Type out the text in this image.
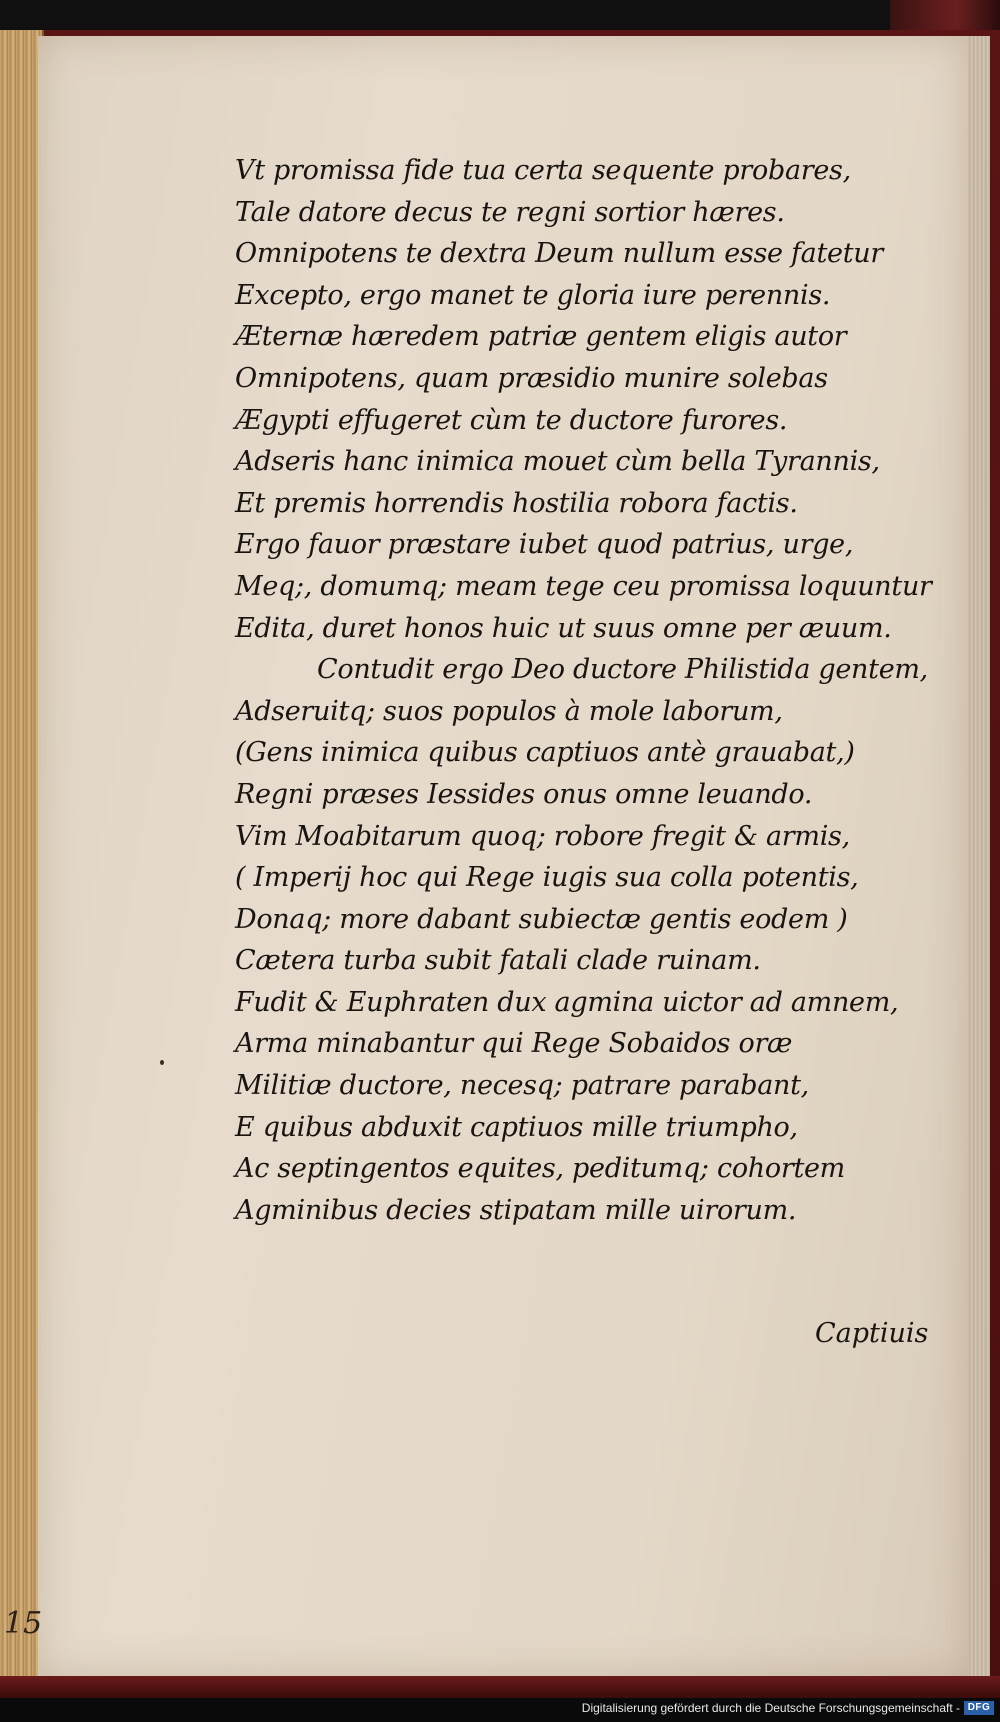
Vt promissa fide tua certa sequente probares,
Tale datore decus te regni sortior hæres.
Omnipotens te dextra Deum nullum esse fatetur
Excepto, ergo manet te gloria iure perennis.
Æternæ hæredem patriæ gentem eligis autor
Omnipotens, quam præsidio munire solebas
Ægypti effugeret cùm te ductore furores.
Adseris hanc inimica mouet cùm bella Tyrannis,
Et premis horrendis hostilia robora factis.
Ergo fauor præstare iubet quod patrius, urge,
Meq;, domumq; meam tege ceu promissa loquuntur
Edita, duret honos huic ut suus omne per æuum.
Contudit ergo Deo ductore Philistida gentem,
Adseruitq; suos populos à mole laborum,
(Gens inimica quibus captiuos antè grauabat,)
Regni præses Iessides onus omne leuando.
Vim Moabitarum quoq; robore fregit & armis,
( Imperij hoc qui Rege iugis sua colla potentis,
Donaq; more dabant subiectæ gentis eodem )
Cætera turba subit fatali clade ruinam.
Fudit & Euphraten dux agmina uictor ad amnem,
Arma minabantur qui Rege Sobaidos oræ
Militiæ ductore, necesq; patrare parabant,
E quibus abduxit captiuos mille triumpho,
Ac septingentos equites, peditumq; cohortem
Agminibus decies stipatam mille uirorum.
Captiuis
15
Digitalisierung gefördert durch die Deutsche Forschungsgemeinschaft - DFG
